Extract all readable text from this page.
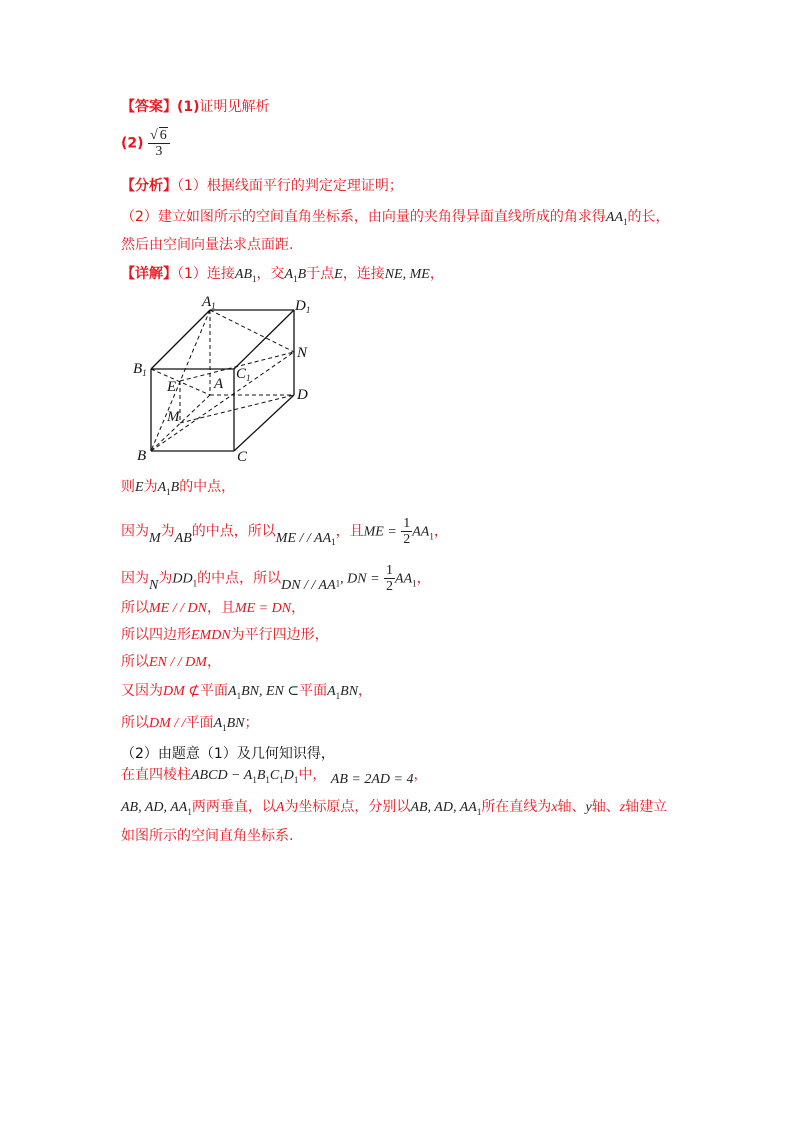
【答案】(1)证明见解析
$(2) \frac{√ 6}{3}$
【分析】（1）根据线面平行的判定定理证明；
（2）建立如图所示的空间直角坐标系，由向量的夹角得异面直线所成的角求得$AA_1$的长，
然后由空间向量法求点面距.
【详解】（1）连接$AB_1$，交$A_1B$于点E，连接NE, ME，
$A_1$	$D_1$
$B_1$	$C_1$
N
E	A
D
M
B	C
则E为$A_1B$的中点，
因为M为AB的中点，所以ME / / $AA_1$，且ME = $\frac{1}{2} AA_1$，
因为N为$DD_1$的中点，所以DN / / $AA_1$, DN = $\frac{1}{2} AA_1$，
所以ME / / DN，且ME = DN，
所以四边形EMDN为平行四边形，
所以EN / / DM，
又因为DM ⊄平面$A_1BN$, EN ⊂平面$A_1BN$，
所以DM / /平面$A_1BN$；
（2）由题意（1）及几何知识得，
在直四棱柱ABCD − $A_1B_1C_1D_1$中， AB = 2AD = 4，
AB, AD, $AA_1$两两垂直，以A为坐标原点，分别以AB, AD, $AA_1$所在直线为x轴、y轴、z轴建立
如图所示的空间直角坐标系.
